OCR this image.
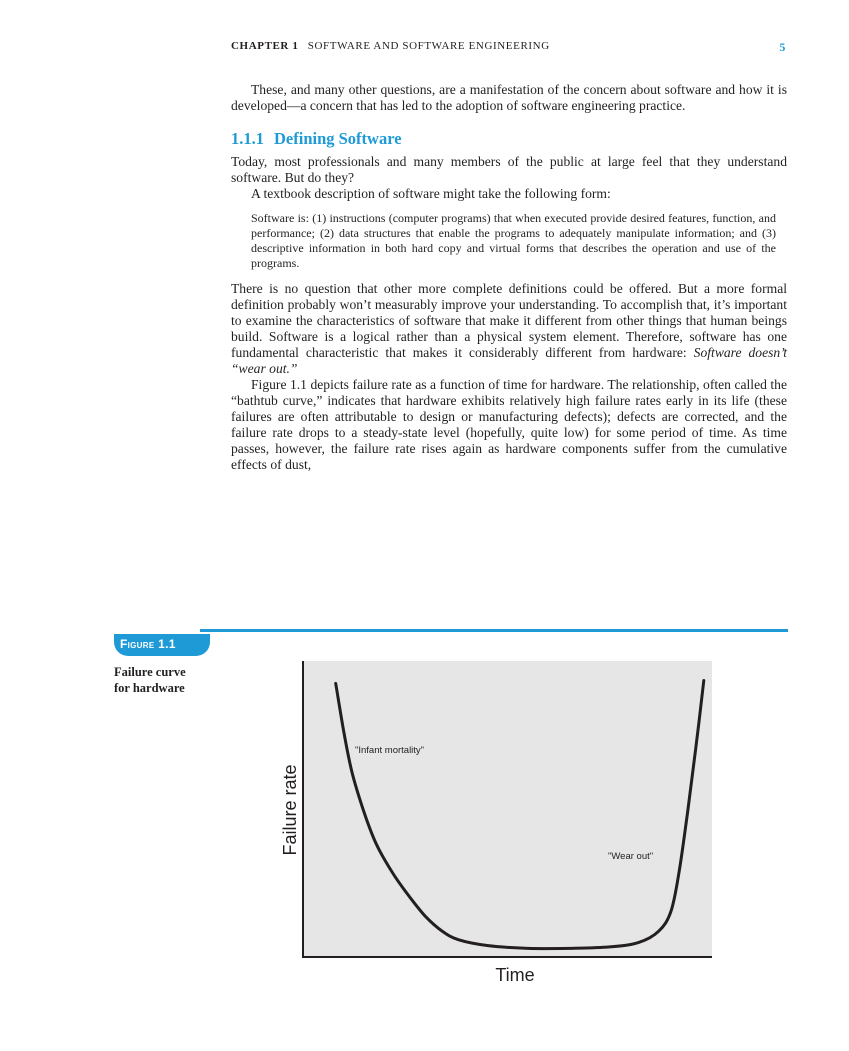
CHAPTER 1 SOFTWARE AND SOFTWARE ENGINEERING	5

These, and many other questions, are a manifestation of the concern about software and how it is developed—a concern that has led to the adoption of software engineering practice.

1.1.1 Defining Software

Today, most professionals and many members of the public at large feel that they understand software. But do they?

A textbook description of software might take the following form:

Software is: (1) instructions (computer programs) that when executed provide desired features, function, and performance; (2) data structures that enable the programs to adequately manipulate information; and (3) descriptive information in both hard copy and virtual forms that describes the operation and use of the programs.

There is no question that other more complete definitions could be offered. But a more formal definition probably won’t measurably improve your understanding. To accomplish that, it’s important to examine the characteristics of software that make it different from other things that human beings build. Software is a logical rather than a physical system element. Therefore, software has one fundamental characteristic that makes it considerably different from hardware: Software doesn’t “wear out.”

Figure 1.1 depicts failure rate as a function of time for hardware. The relationship, often called the “bathtub curve,” indicates that hardware exhibits relatively high failure rates early in its life (these failures are often attributable to design or manufacturing defects); defects are corrected, and the failure rate drops to a steady-state level (hopefully, quite low) for some period of time. As time passes, however, the failure rate rises again as hardware components suffer from the cumulative effects of dust,

Figure 1.1
Failure curve
for hardware
"Infant mortality"
"Wear out"
Failure rate
Time
